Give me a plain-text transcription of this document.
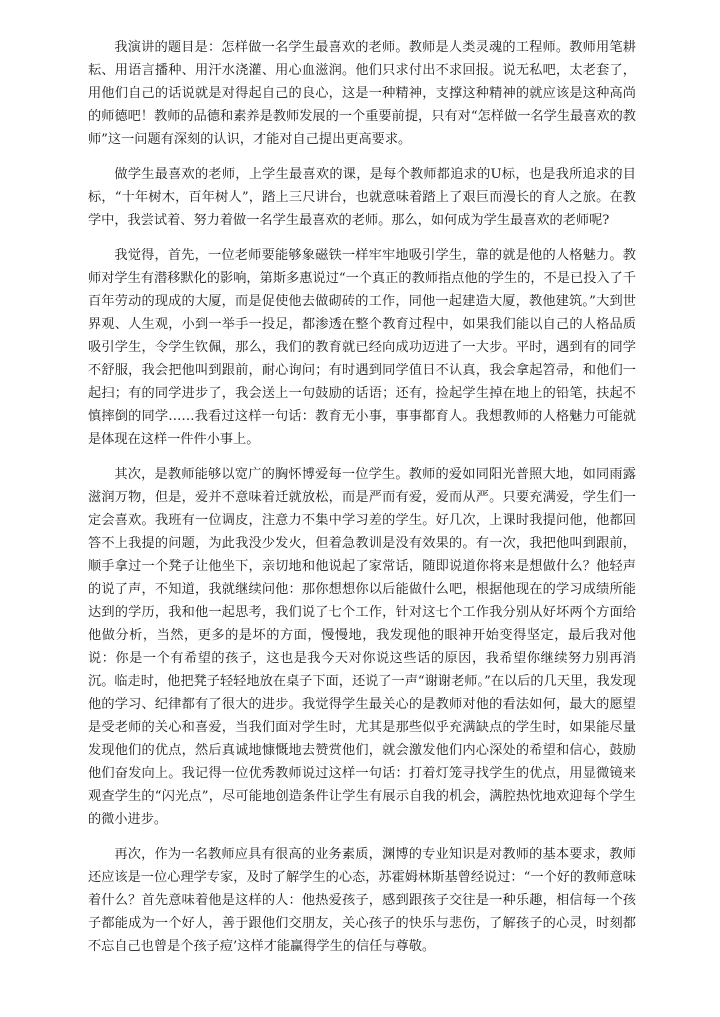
我演讲的题目是：怎样做一名学生最喜欢的老师。教师是人类灵魂的工程师。教师用笔耕耘、用语言播种、用汗水浇灌、用心血滋润。他们只求付出不求回报。说无私吧，太老套了，用他们自己的话说就是对得起自己的良心，这是一种精神，支撑这种精神的就应该是这种高尚的师德吧！教师的品德和素养是教师发展的一个重要前提，只有对“怎样做一名学生最喜欢的教师”这一问题有深刻的认识，才能对自己提出更高要求。

做学生最喜欢的老师，上学生最喜欢的课，是每个教师都追求的U标，也是我所追求的目标，“十年树木，百年树人”，踏上三尺讲台，也就意味着踏上了艰巨而漫长的育人之旅。在教学中，我尝试着、努力着做一名学生最喜欢的老师。那么，如何成为学生最喜欢的老师呢?

我觉得，首先，一位老师要能够象磁铁一样牢牢地吸引学生，靠的就是他的人格魅力。教师对学生有潜移默化的影响，第斯多惠说过“一个真正的教师指点他的学生的，不是已投入了千百年劳动的现成的大厦，而是促使他去做砌砖的工作，同他一起建造大厦，教他建筑。”大到世界观、人生观，小到一举手一投足，都渗透在整个教育过程中，如果我们能以自己的人格品质吸引学生，令学生钦佩，那么，我们的教育就已经向成功迈进了一大步。平时，遇到有的同学不舒服，我会把他叫到跟前，耐心询问；有时遇到同学值日不认真，我会拿起笤帚，和他们一起扫；有的同学进步了，我会送上一句鼓励的话语；还有，捡起学生掉在地上的铅笔，扶起不慎摔倒的同学……我看过这样一句话：教育无小事，事事都育人。我想教师的人格魅力可能就是体现在这样一件件小事上。

其次，是教师能够以宽广的胸怀博爱每一位学生。教师的爱如同阳光普照大地，如同雨露滋润万物，但是，爱并不意味着迁就放松，而是严而有爱，爱而从严。只要充满爱，学生们一定会喜欢。我班有一位调皮，注意力不集中学习差的学生。好几次，上课时我提问他，他都回答不上我提的问题，为此我没少发火，但着急教训是没有效果的。有一次，我把他叫到跟前，顺手拿过一个凳子让他坐下，亲切地和他说起了家常话，随即说道你将来是想做什么？他轻声的说了声，不知道，我就继续问他：那你想想你以后能做什么吧，根据他现在的学习成绩所能达到的学历，我和他一起思考，我们说了七个工作，针对这七个工作我分别从好坏两个方面给他做分析，当然，更多的是坏的方面，慢慢地，我发现他的眼神开始变得坚定，最后我对他说：你是一个有希望的孩子，这也是我今天对你说这些话的原因，我希望你继续努力别再消沉。临走时，他把凳子轻轻地放在桌子下面，还说了一声“谢谢老师。”在以后的几天里，我发现他的学习、纪律都有了很大的进步。我觉得学生最关心的是教师对他的看法如何，最大的愿望是受老师的关心和喜爱，当我们面对学生时，尤其是那些似乎充满缺点的学生时，如果能尽量发现他们的优点，然后真诚地慷慨地去赞赏他们，就会激发他们内心深处的希望和信心，鼓励他们奋发向上。我记得一位优秀教师说过这样一句话：打着灯笼寻找学生的优点，用显微镜来观查学生的“闪光点”，尽可能地创造条件让学生有展示自我的机会，满腔热忱地欢迎每个学生的微小进步。

再次，作为一名教师应具有很高的业务素质，渊博的专业知识是对教师的基本要求，教师还应该是一位心理学专家，及时了解学生的心态，苏霍姆林斯基曾经说过：“一个好的教师意味着什么？首先意味着他是这样的人：他热爱孩子，感到跟孩子交往是一种乐趣，相信每一个孩子都能成为一个好人，善于跟他们交朋友，关心孩子的快乐与悲伤，了解孩子的心灵，时刻都不忘自己也曾是个孩子痘’这样才能赢得学生的信任与尊敬。
